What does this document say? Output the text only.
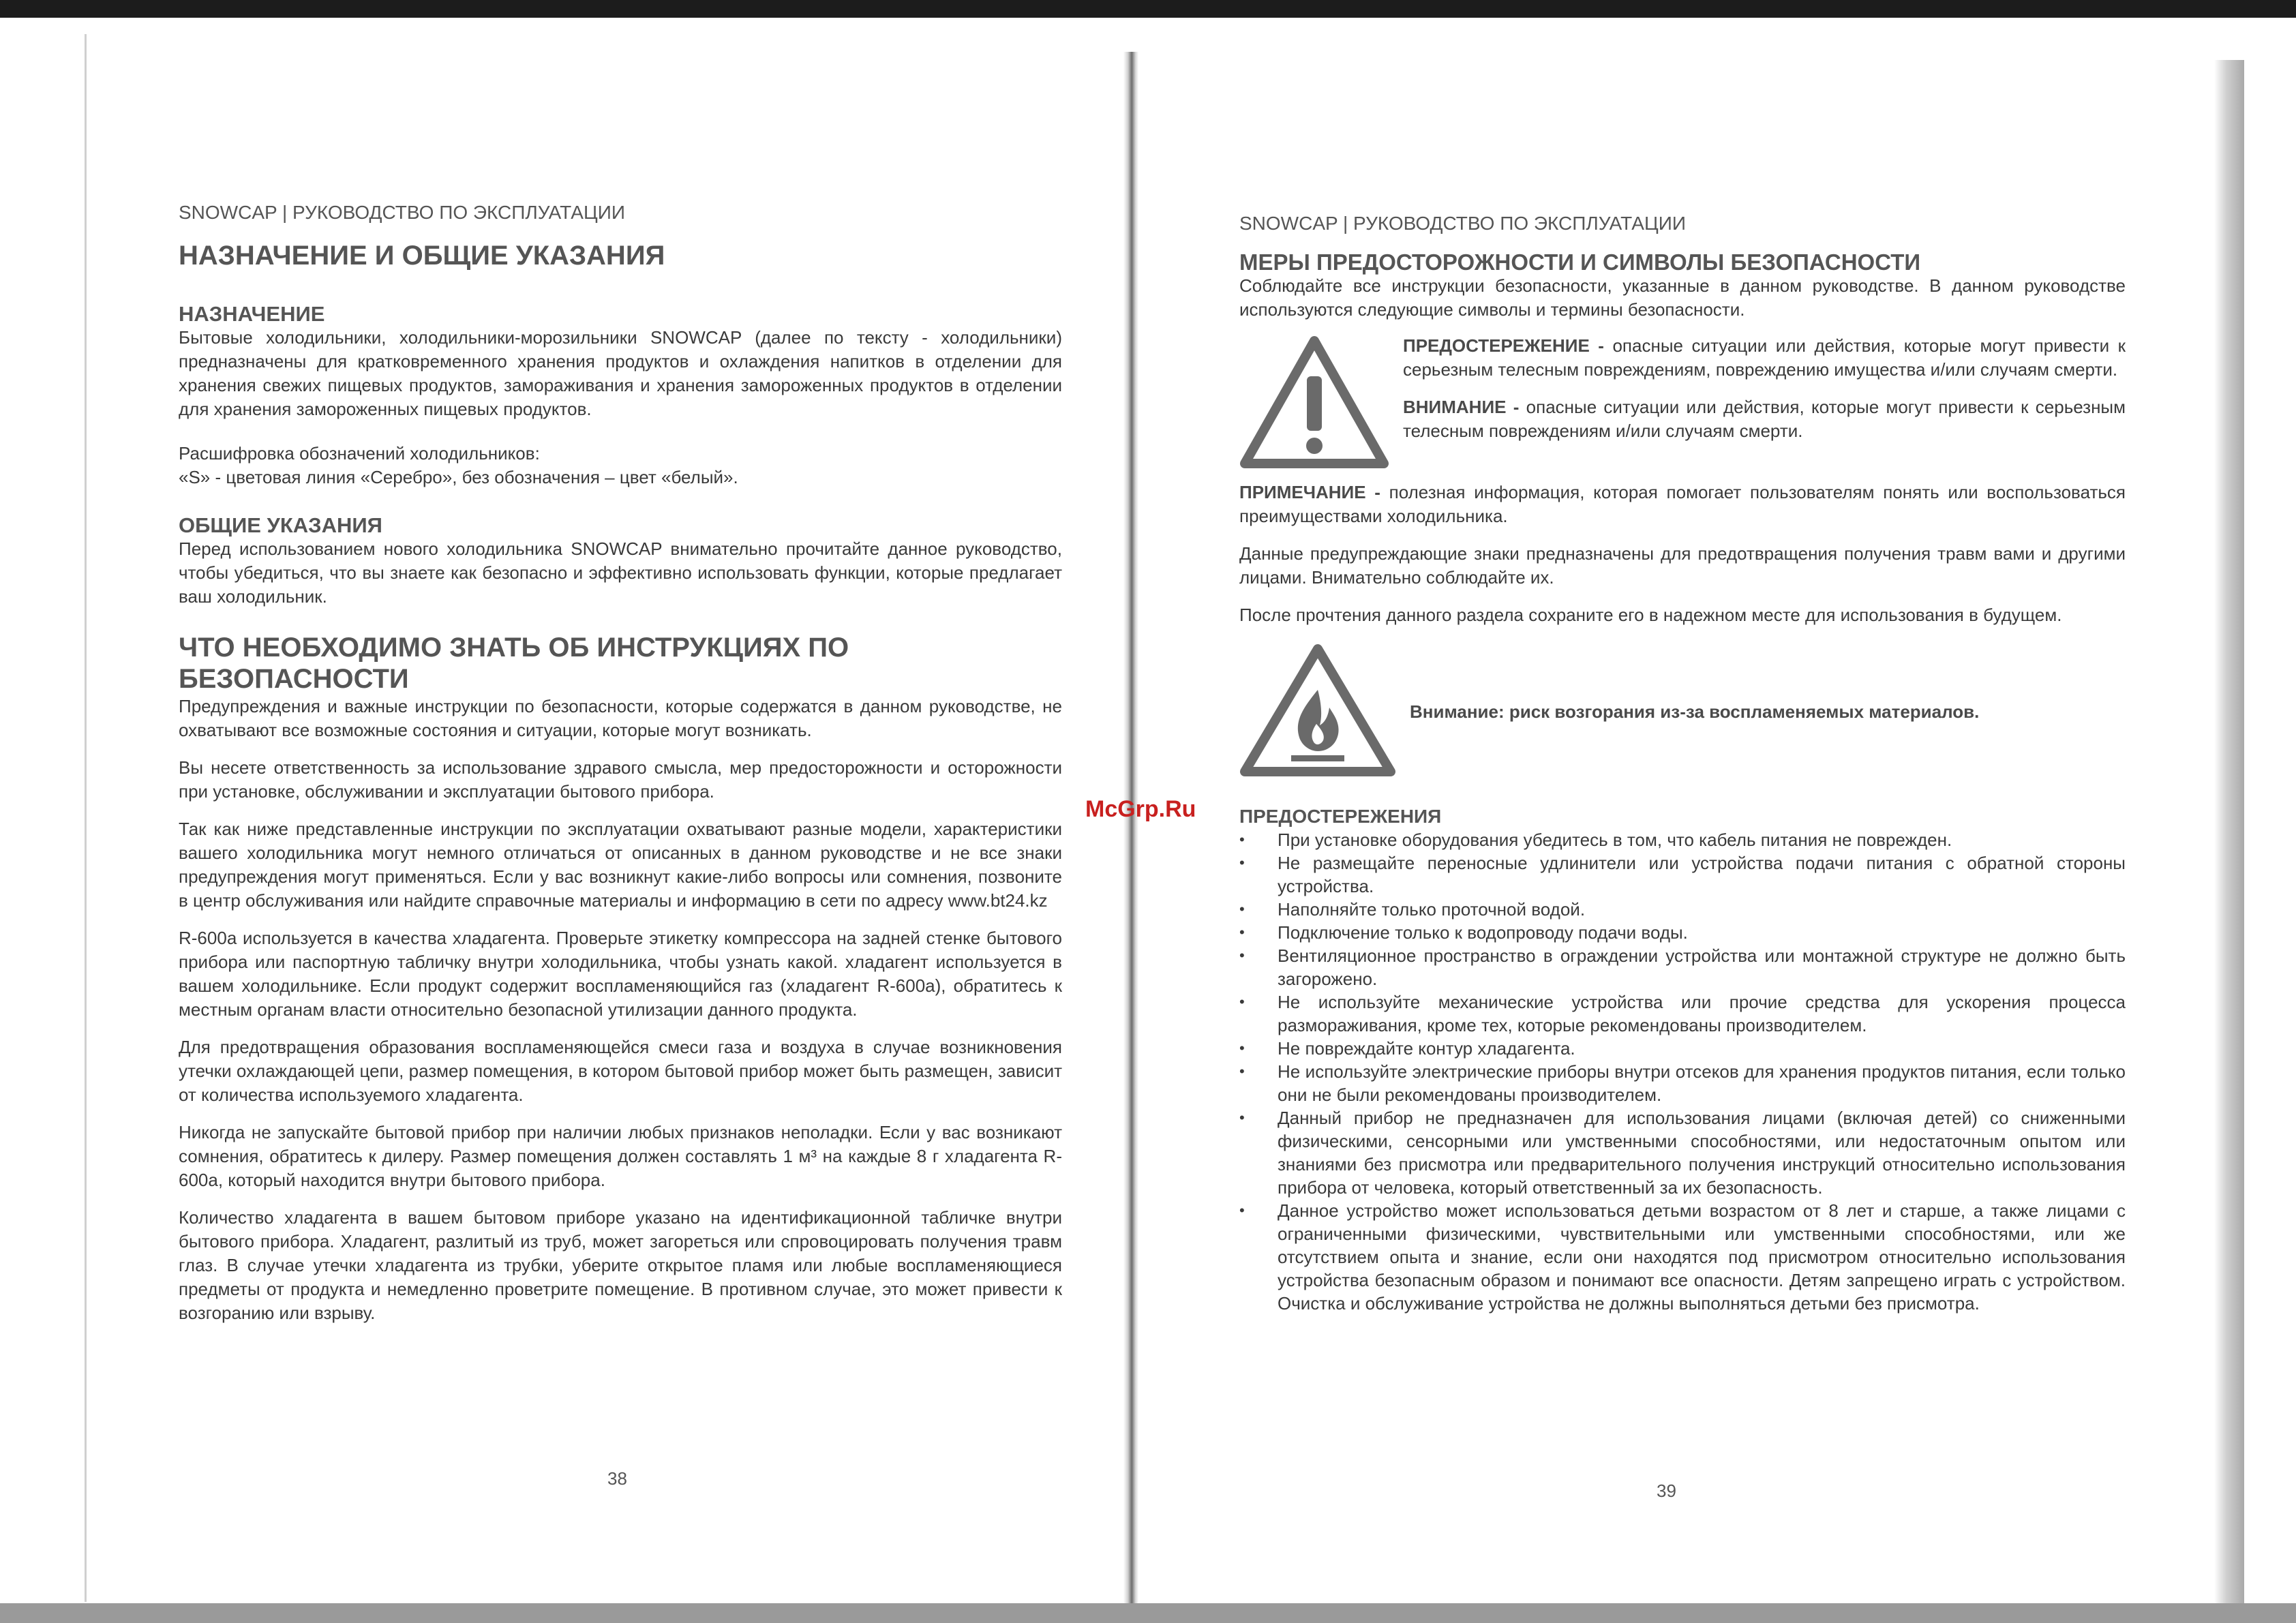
SNOWCAP | РУКОВОДСТВО ПО ЭКСПЛУАТАЦИИ
НАЗНАЧЕНИЕ И ОБЩИЕ УКАЗАНИЯ
НАЗНАЧЕНИЕ

Бытовые холодильники, холодильники-морозильники SNOWCAP (далее по тексту - холодильники) предназначены для кратковременного хранения продуктов и охлаждения напитков в отделении для хранения свежих пищевых продуктов, замораживания и хранения замороженных продуктов в отделении для хранения замороженных пищевых продуктов.

Расшифровка обозначений холодильников:

«S» - цветовая линия «Серебро», без обозначения – цвет «белый».

ОБЩИЕ УКАЗАНИЯ

Перед использованием нового холодильника SNOWCAP внимательно прочитайте данное руководство, чтобы убедиться, что вы знаете как безопасно и эффективно использовать функции, которые предлагает ваш холодильник.

ЧТО НЕОБХОДИМО ЗНАТЬ ОБ ИНСТРУКЦИЯХ ПО БЕЗОПАСНОСТИ

Предупреждения и важные инструкции по безопасности, которые содержатся в данном руководстве, не охватывают все возможные состояния и ситуации, которые могут возникать.

Вы несете ответственность за использование здравого смысла, мер предосторожности и осторожности при установке, обслуживании и эксплуатации бытового прибора.

Так как ниже представленные инструкции по эксплуатации охватывают разные модели, характеристики вашего холодильника могут немного отличаться от описанных в данном руководстве и не все знаки предупреждения могут применяться. Если у вас возникнут какие-либо вопросы или сомнения, позвоните в центр обслуживания или найдите справочные материалы и информацию в сети по адресу www.bt24.kz

R-600a используется в качества хладагента. Проверьте этикетку компрессора на задней стенке бытового прибора или паспортную табличку внутри холодильника, чтобы узнать какой. хладагент используется в вашем холодильнике. Если продукт содержит воспламеняющийся газ (хладагент R-600a), обратитесь к местным органам власти относительно безопасной утилизации данного продукта.

Для предотвращения образования воспламеняющейся смеси газа и воздуха в случае возникновения утечки охлаждающей цепи, размер помещения, в котором бытовой прибор может быть размещен, зависит от количества используемого хладагента.

Никогда не запускайте бытовой прибор при наличии любых признаков неполадки. Если у вас возникают сомнения, обратитесь к дилеру. Размер помещения должен составлять 1 м³ на каждые 8 г хладагента R-600a, который находится внутри бытового прибора.

Количество хладагента в вашем бытовом приборе указано на идентификационной табличке внутри бытового прибора. Хладагент, разлитый из труб, может загореться или спровоцировать получения травм глаз. В случае утечки хладагента из трубки, уберите открытое пламя или любые воспламеняющиеся предметы от продукта и немедленно проветрите помещение. В противном случае, это может привести к возгоранию или взрыву.

38
SNOWCAP | РУКОВОДСТВО ПО ЭКСПЛУАТАЦИИ
МЕРЫ ПРЕДОСТОРОЖНОСТИ И СИМВОЛЫ БЕЗОПАСНОСТИ

Соблюдайте все инструкции безопасности, указанные в данном руководстве. В данном руководстве используются следующие символы и термины безопасности.

ПРЕДОСТЕРЕЖЕНИЕ - опасные ситуации или действия, которые могут привести к серьезным телесным повреждениям, повреждению имущества и/или случаям смерти.

ВНИМАНИЕ - опасные ситуации или действия, которые могут привести к серьезным телесным повреждениям и/или случаям смерти.

ПРИМЕЧАНИЕ - полезная информация, которая помогает пользователям понять или воспользоваться преимуществами холодильника.

Данные предупреждающие знаки предназначены для предотвращения получения травм вами и другими лицами. Внимательно соблюдайте их.

После прочтения данного раздела сохраните его в надежном месте для использования в будущем.

Внимание: риск возгорания из-за воспламеняемых материалов.

ПРЕДОСТЕРЕЖЕНИЯ
• При установке оборудования убедитесь в том, что кабель питания не поврежден.
• Не размещайте переносные удлинители или устройства подачи питания с обратной стороны устройства.
• Наполняйте только проточной водой.
• Подключение только к водопроводу подачи воды.
• Вентиляционное пространство в ограждении устройства или монтажной структуре не должно быть загорожено.
• Не используйте механические устройства или прочие средства для ускорения процесса размораживания, кроме тех, которые рекомендованы производителем.
• Не повреждайте контур хладагента.
• Не используйте электрические приборы внутри отсеков для хранения продуктов питания, если только они не были рекомендованы производителем.
• Данный прибор не предназначен для использования лицами (включая детей) со сниженными физическими, сенсорными или умственными способностями, или недостаточным опытом или знаниями без присмотра или предварительного получения инструкций относительно использования прибора от человека, который ответственный за их безопасность.
• Данное устройство может использоваться детьми возрастом от 8 лет и старше, а также лицами с ограниченными физическими, чувствительными или умственными способностями, или же отсутствием опыта и знание, если они находятся под присмотром относительно использования устройства безопасным образом и понимают все опасности. Детям запрещено играть с устройством. Очистка и обслуживание устройства не должны выполняться детьми без присмотра.
39
McGrp.Ru
